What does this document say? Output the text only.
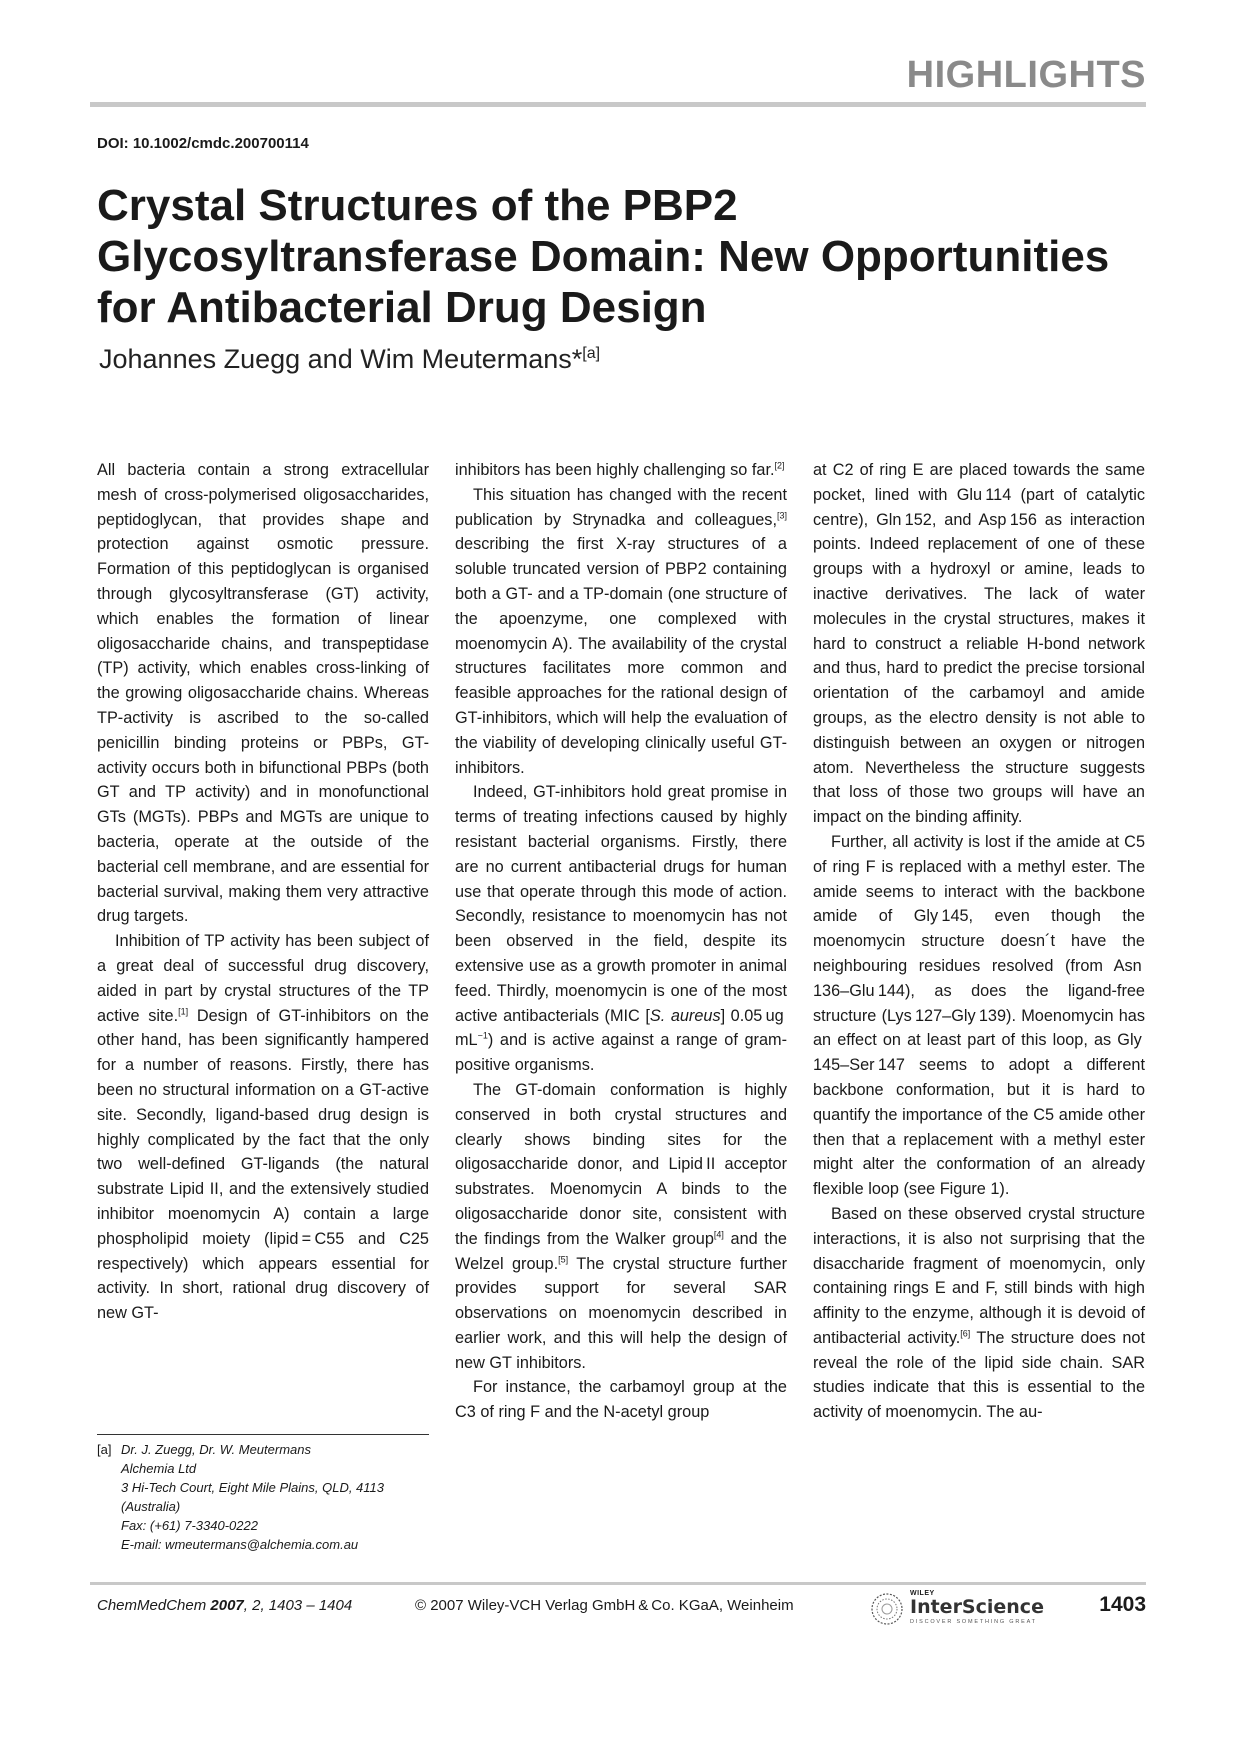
HIGHLIGHTS
DOI: 10.1002/cmdc.200700114
Crystal Structures of the PBP2 Glycosyltransferase Domain: New Opportunities for Antibacterial Drug Design
Johannes Zuegg and Wim Meutermans*[a]

All bacteria contain a strong extracellular mesh of cross-polymerised oligosaccharides, peptidoglycan, that provides shape and protection against osmotic pressure. Formation of this peptidoglycan is organised through glycosyltransferase (GT) activity, which enables the formation of linear oligosaccharide chains, and transpeptidase (TP) activity, which enables cross-linking of the growing oligosaccharide chains. Whereas TP-activity is ascribed to the so-called penicillin binding proteins or PBPs, GT-activity occurs both in bifunctional PBPs (both GT and TP activity) and in monofunctional GTs (MGTs). PBPs and MGTs are unique to bacteria, operate at the outside of the bacterial cell membrane, and are essential for bacterial survival, making them very attractive drug targets.

Inhibition of TP activity has been subject of a great deal of successful drug discovery, aided in part by crystal structures of the TP active site.[1] Design of GT-inhibitors on the other hand, has been significantly hampered for a number of reasons. Firstly, there has been no structural information on a GT-active site. Secondly, ligand-based drug design is highly complicated by the fact that the only two well-defined GT-ligands (the natural substrate Lipid II, and the extensively studied inhibitor moenomycin A) contain a large phospholipid moiety (lipid = C55 and C25 respectively) which appears essential for activity. In short, rational drug discovery of new GT-

inhibitors has been highly challenging so far.[2]

This situation has changed with the recent publication by Strynadka and colleagues,[3] describing the first X-ray structures of a soluble truncated version of PBP2 containing both a GT- and a TP-domain (one structure of the apoenzyme, one complexed with moenomycin A). The availability of the crystal structures facilitates more common and feasible approaches for the rational design of GT-inhibitors, which will help the evaluation of the viability of developing clinically useful GT-inhibitors.

Indeed, GT-inhibitors hold great promise in terms of treating infections caused by highly resistant bacterial organisms. Firstly, there are no current antibacterial drugs for human use that operate through this mode of action. Secondly, resistance to moenomycin has not been observed in the field, despite its extensive use as a growth promoter in animal feed. Thirdly, moenomycin is one of the most active antibacterials (MIC [S. aureus] 0.05 ug $mL^{-1}$) and is active against a range of gram-positive organisms.

The GT-domain conformation is highly conserved in both crystal structures and clearly shows binding sites for the oligosaccharide donor, and Lipid II acceptor substrates. Moenomycin A binds to the oligosaccharide donor site, consistent with the findings from the Walker group[4] and the Welzel group.[5] The crystal structure further provides support for several SAR observations on moenomycin described in earlier work, and this will help the design of new GT inhibitors.

For instance, the carbamoyl group at the C3 of ring F and the N-acetyl group

at C2 of ring E are placed towards the same pocket, lined with Glu 114 (part of catalytic centre), Gln 152, and Asp 156 as interaction points. Indeed replacement of one of these groups with a hydroxyl or amine, leads to inactive derivatives. The lack of water molecules in the crystal structures, makes it hard to construct a reliable H-bond network and thus, hard to predict the precise torsional orientation of the carbamoyl and amide groups, as the electro density is not able to distinguish between an oxygen or nitrogen atom. Nevertheless the structure suggests that loss of those two groups will have an impact on the binding affinity.

Further, all activity is lost if the amide at C5 of ring F is replaced with a methyl ester. The amide seems to interact with the backbone amide of Gly 145, even though the moenomycin structure doesn´t have the neighbouring residues resolved (from Asn 136–Glu 144), as does the ligand-free structure (Lys 127–Gly 139). Moenomycin has an effect on at least part of this loop, as Gly 145–Ser 147 seems to adopt a different backbone conformation, but it is hard to quantify the importance of the C5 amide other then that a replacement with a methyl ester might alter the conformation of an already flexible loop (see Figure 1).

Based on these observed crystal structure interactions, it is also not surprising that the disaccharide fragment of moenomycin, only containing rings E and F, still binds with high affinity to the enzyme, although it is devoid of antibacterial activity.[6] The structure does not reveal the role of the lipid side chain. SAR studies indicate that this is essential to the activity of moenomycin. The au-

[a] Dr. J. Zuegg, Dr. W. Meutermans
Alchemia Ltd
3 Hi-Tech Court, Eight Mile Plains, QLD, 4113
(Australia)
Fax: (+61) 7-3340-0222
E-mail: wmeutermans@alchemia.com.au
ChemMedChem 2007, 2, 1403 – 1404	© 2007 Wiley-VCH Verlag GmbH & Co. KGaA, Weinheim
WILEY
InterScience
DISCOVER SOMETHING GREAT
1403
